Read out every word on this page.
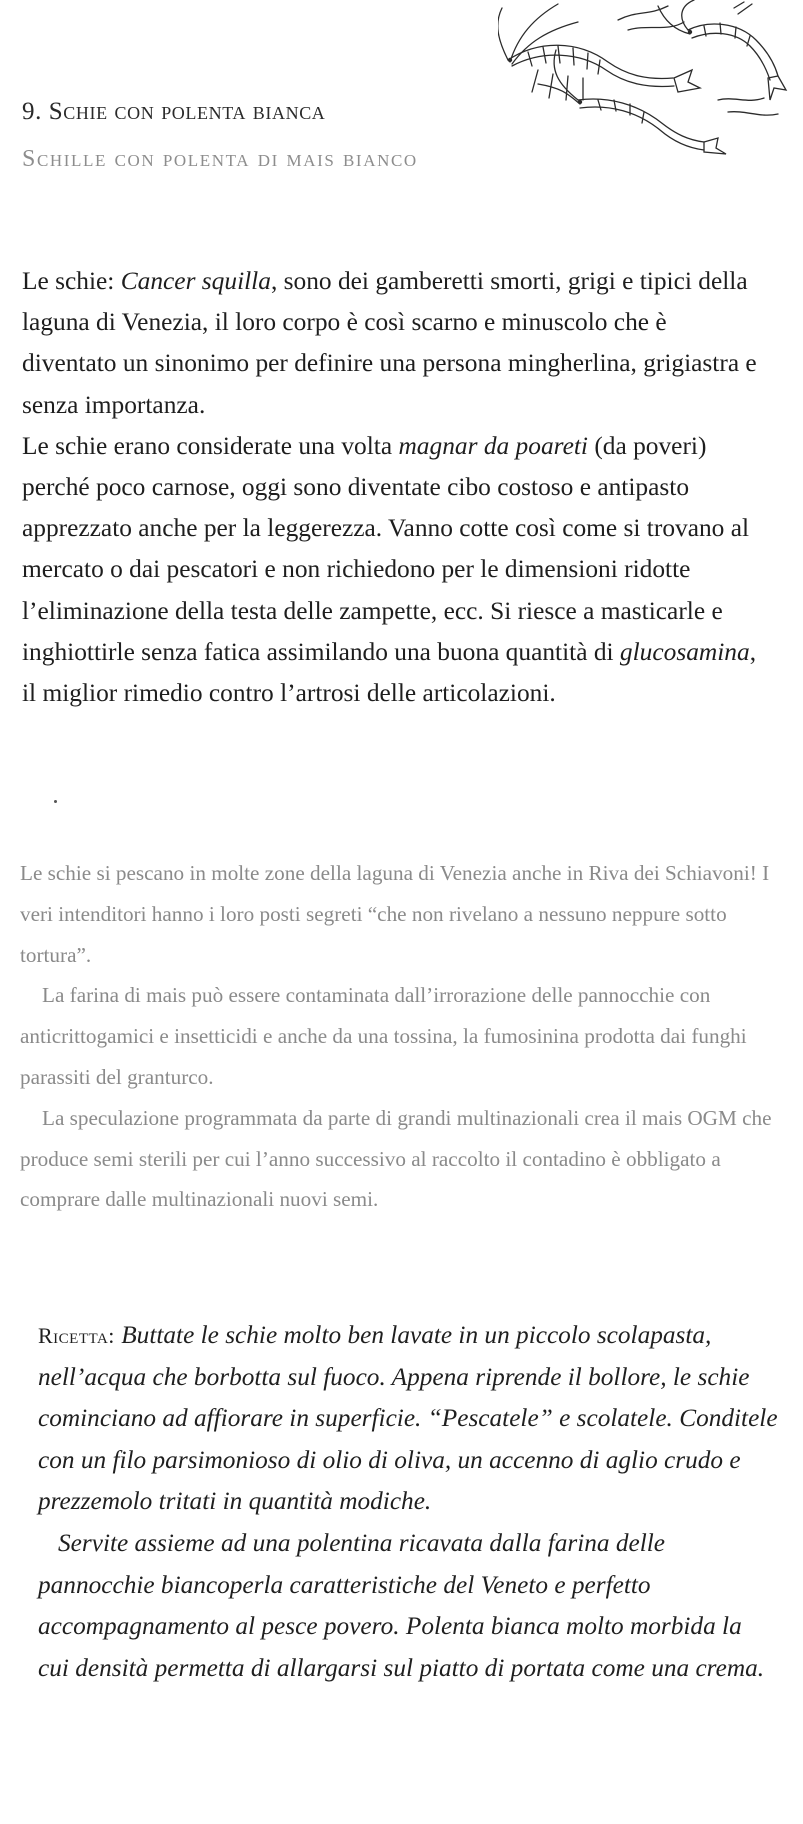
9. Schie con polenta bianca
Schille con polenta di mais bianco

Le schie: Cancer squilla, sono dei gamberetti smorti, grigi e tipici della laguna di Venezia, il loro corpo è così scarno e minuscolo che è diventato un sinonimo per definire una persona mingherlina, grigiastra e senza importanza.

Le schie erano considerate una volta magnar da poareti (da poveri) perché poco carnose, oggi sono diventate cibo costoso e antipasto apprezzato anche per la leggerezza. Vanno cotte così come si trovano al mercato o dai pescatori e non richiedono per le dimensioni ridotte l’eliminazione della testa delle zampette, ecc. Si riesce a masticarle e inghiottirle senza fatica assimilando una buona quantità di glucosamina, il miglior rimedio contro l’artrosi delle articolazioni.

Le schie si pescano in molte zone della laguna di Venezia anche in Riva dei Schiavoni! I veri intenditori hanno i loro posti segreti “che non rivelano a nessuno neppure sotto tortura”.

La farina di mais può essere contaminata dall’irrorazione delle pannocchie con anticrittogamici e insetticidi e anche da una tossina, la fumosinina prodotta dai funghi parassiti del granturco.

La speculazione programmata da parte di grandi multinazionali crea il mais OGM che produce semi sterili per cui l’anno successivo al raccolto il contadino è obbligato a comprare dalle multinazionali nuovi semi.

Ricetta: Buttate le schie molto ben lavate in un piccolo scolapasta, nell’acqua che borbotta sul fuoco. Appena riprende il bollore, le schie cominciano ad affiorare in superficie. “Pescatele” e scolatele. Conditele con un filo parsimonioso di olio di oliva, un accenno di aglio crudo e prezzemolo tritati in quantità modiche.

Servite assieme ad una polentina ricavata dalla farina delle pannocchie biancoperla caratteristiche del Veneto e perfetto accompagnamento al pesce povero. Polenta bianca molto morbida la cui densità permetta di allargarsi sul piatto di portata come una crema.
